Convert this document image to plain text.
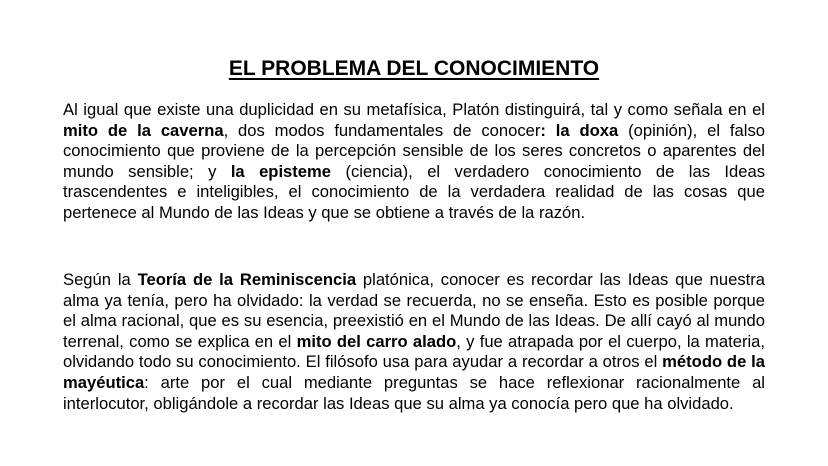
EL PROBLEMA DEL CONOCIMIENTO

Al igual que existe una duplicidad en su metafísica, Platón distinguirá, tal y como señala en el mito de la caverna, dos modos fundamentales de conocer: la doxa (opinión), el falso conocimiento que proviene de la percepción sensible de los seres concretos o aparentes del mundo sensible; y la episteme (ciencia), el verdadero conocimiento de las Ideas trascendentes e inteligibles, el conocimiento de la verdadera realidad de las cosas que pertenece al Mundo de las Ideas y que se obtiene a través de la razón.

Según la Teoría de la Reminiscencia platónica, conocer es recordar las Ideas que nuestra alma ya tenía, pero ha olvidado: la verdad se recuerda, no se enseña. Esto es posible porque el alma racional, que es su esencia, preexistió en el Mundo de las Ideas. De allí cayó al mundo terrenal, como se explica en el mito del carro alado, y fue atrapada por el cuerpo, la materia, olvidando todo su conocimiento. El filósofo usa para ayudar a recordar a otros el método de la mayéutica: arte por el cual mediante preguntas se hace reflexionar racionalmente al interlocutor, obligándole a recordar las Ideas que su alma ya conocía pero que ha olvidado.
